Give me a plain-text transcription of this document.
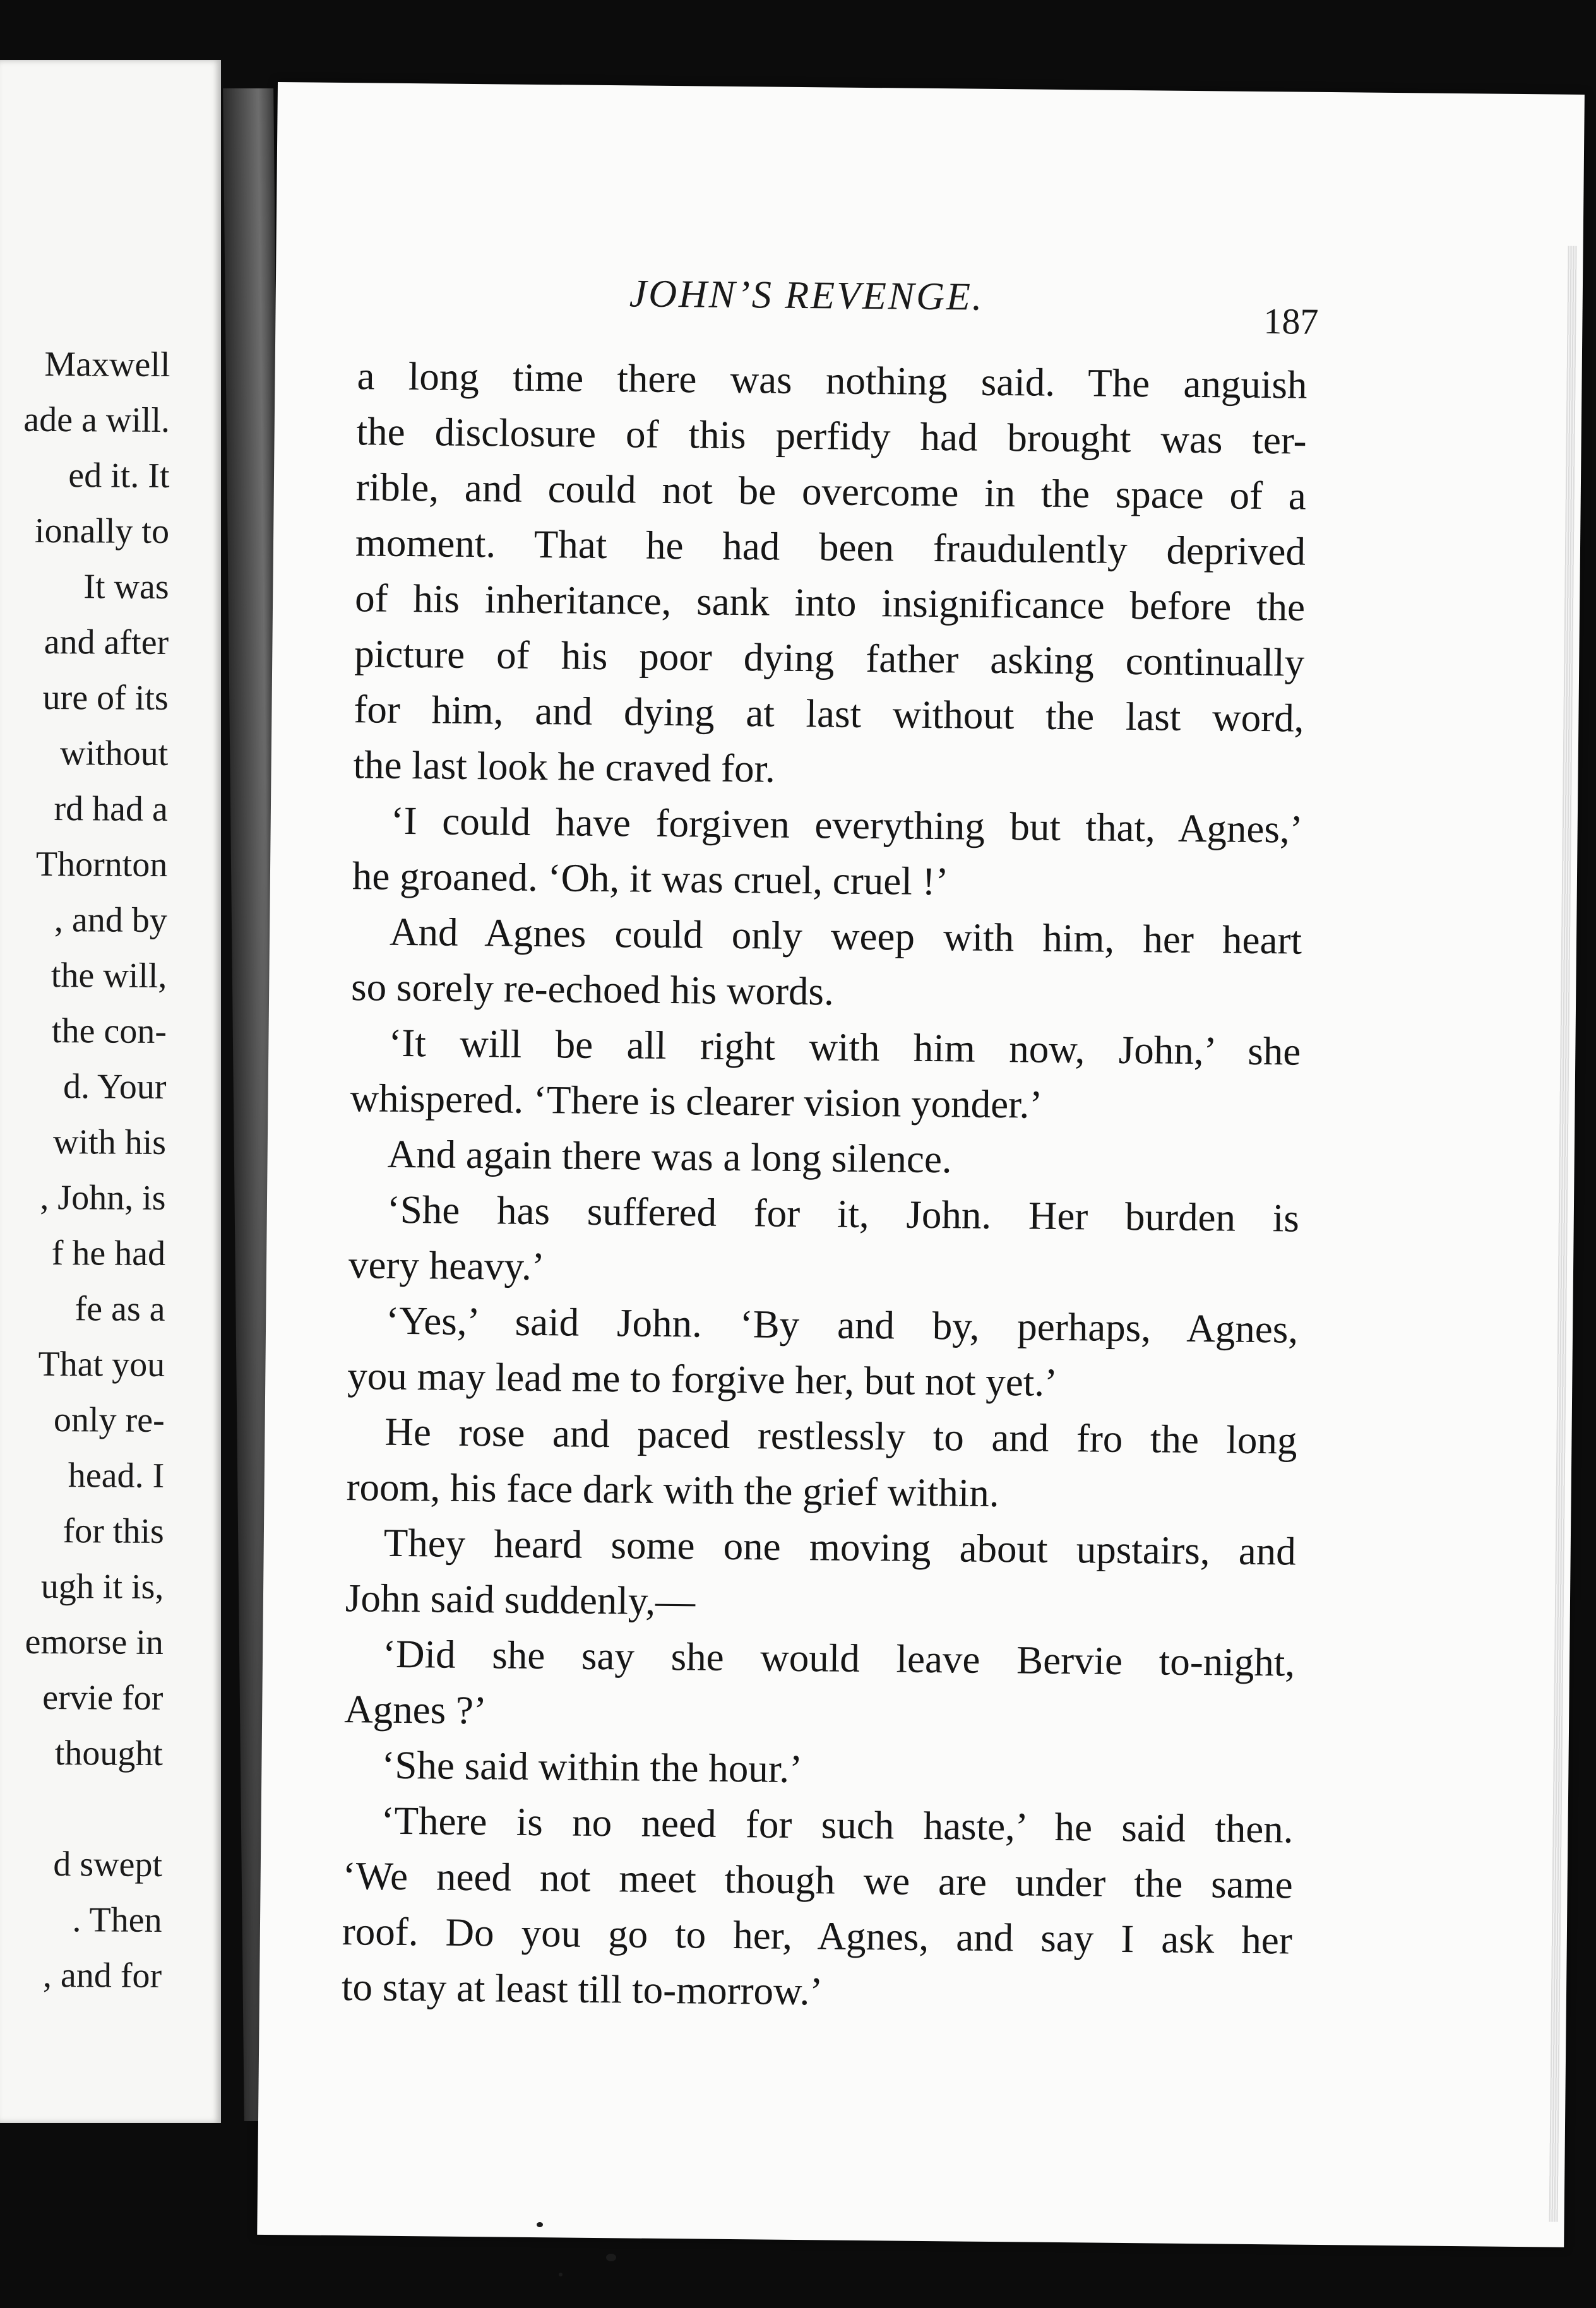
Maxwell
ade a will.
ed it. It
ionally to
It was
and after
ure of its
without
rd had a
Thornton
, and by
the will,
the con-
d. Your
with his
, John, is
f he had
fe as a
That you
only re-
head. I
for this
ugh it is,
emorse in
ervie for
thought
d swept
. Then
, and for
JOHN’S REVENGE.
187
a long time there was nothing said. The anguish
the disclosure of this perfidy had brought was ter-
rible, and could not be overcome in the space of a
moment. That he had been fraudulently deprived
of his inheritance, sank into insignificance before the
picture of his poor dying father asking continually
for him, and dying at last without the last word,
the last look he craved for.
‘I could have forgiven everything but that, Agnes,’
he groaned. ‘Oh, it was cruel, cruel !’
And Agnes could only weep with him, her heart
so sorely re-echoed his words.
‘It will be all right with him now, John,’ she
whispered. ‘There is clearer vision yonder.’
And again there was a long silence.
‘She has suffered for it, John. Her burden is
very heavy.’
‘Yes,’ said John. ‘By and by, perhaps, Agnes,
you may lead me to forgive her, but not yet.’
He rose and paced restlessly to and fro the long
room, his face dark with the grief within.
They heard some one moving about upstairs, and
John said suddenly,—
‘Did she say she would leave Bervie to-night,
Agnes ?’
‘She said within the hour.’
‘There is no need for such haste,’ he said then.
‘We need not meet though we are under the same
roof. Do you go to her, Agnes, and say I ask her
to stay at least till to-morrow.’
